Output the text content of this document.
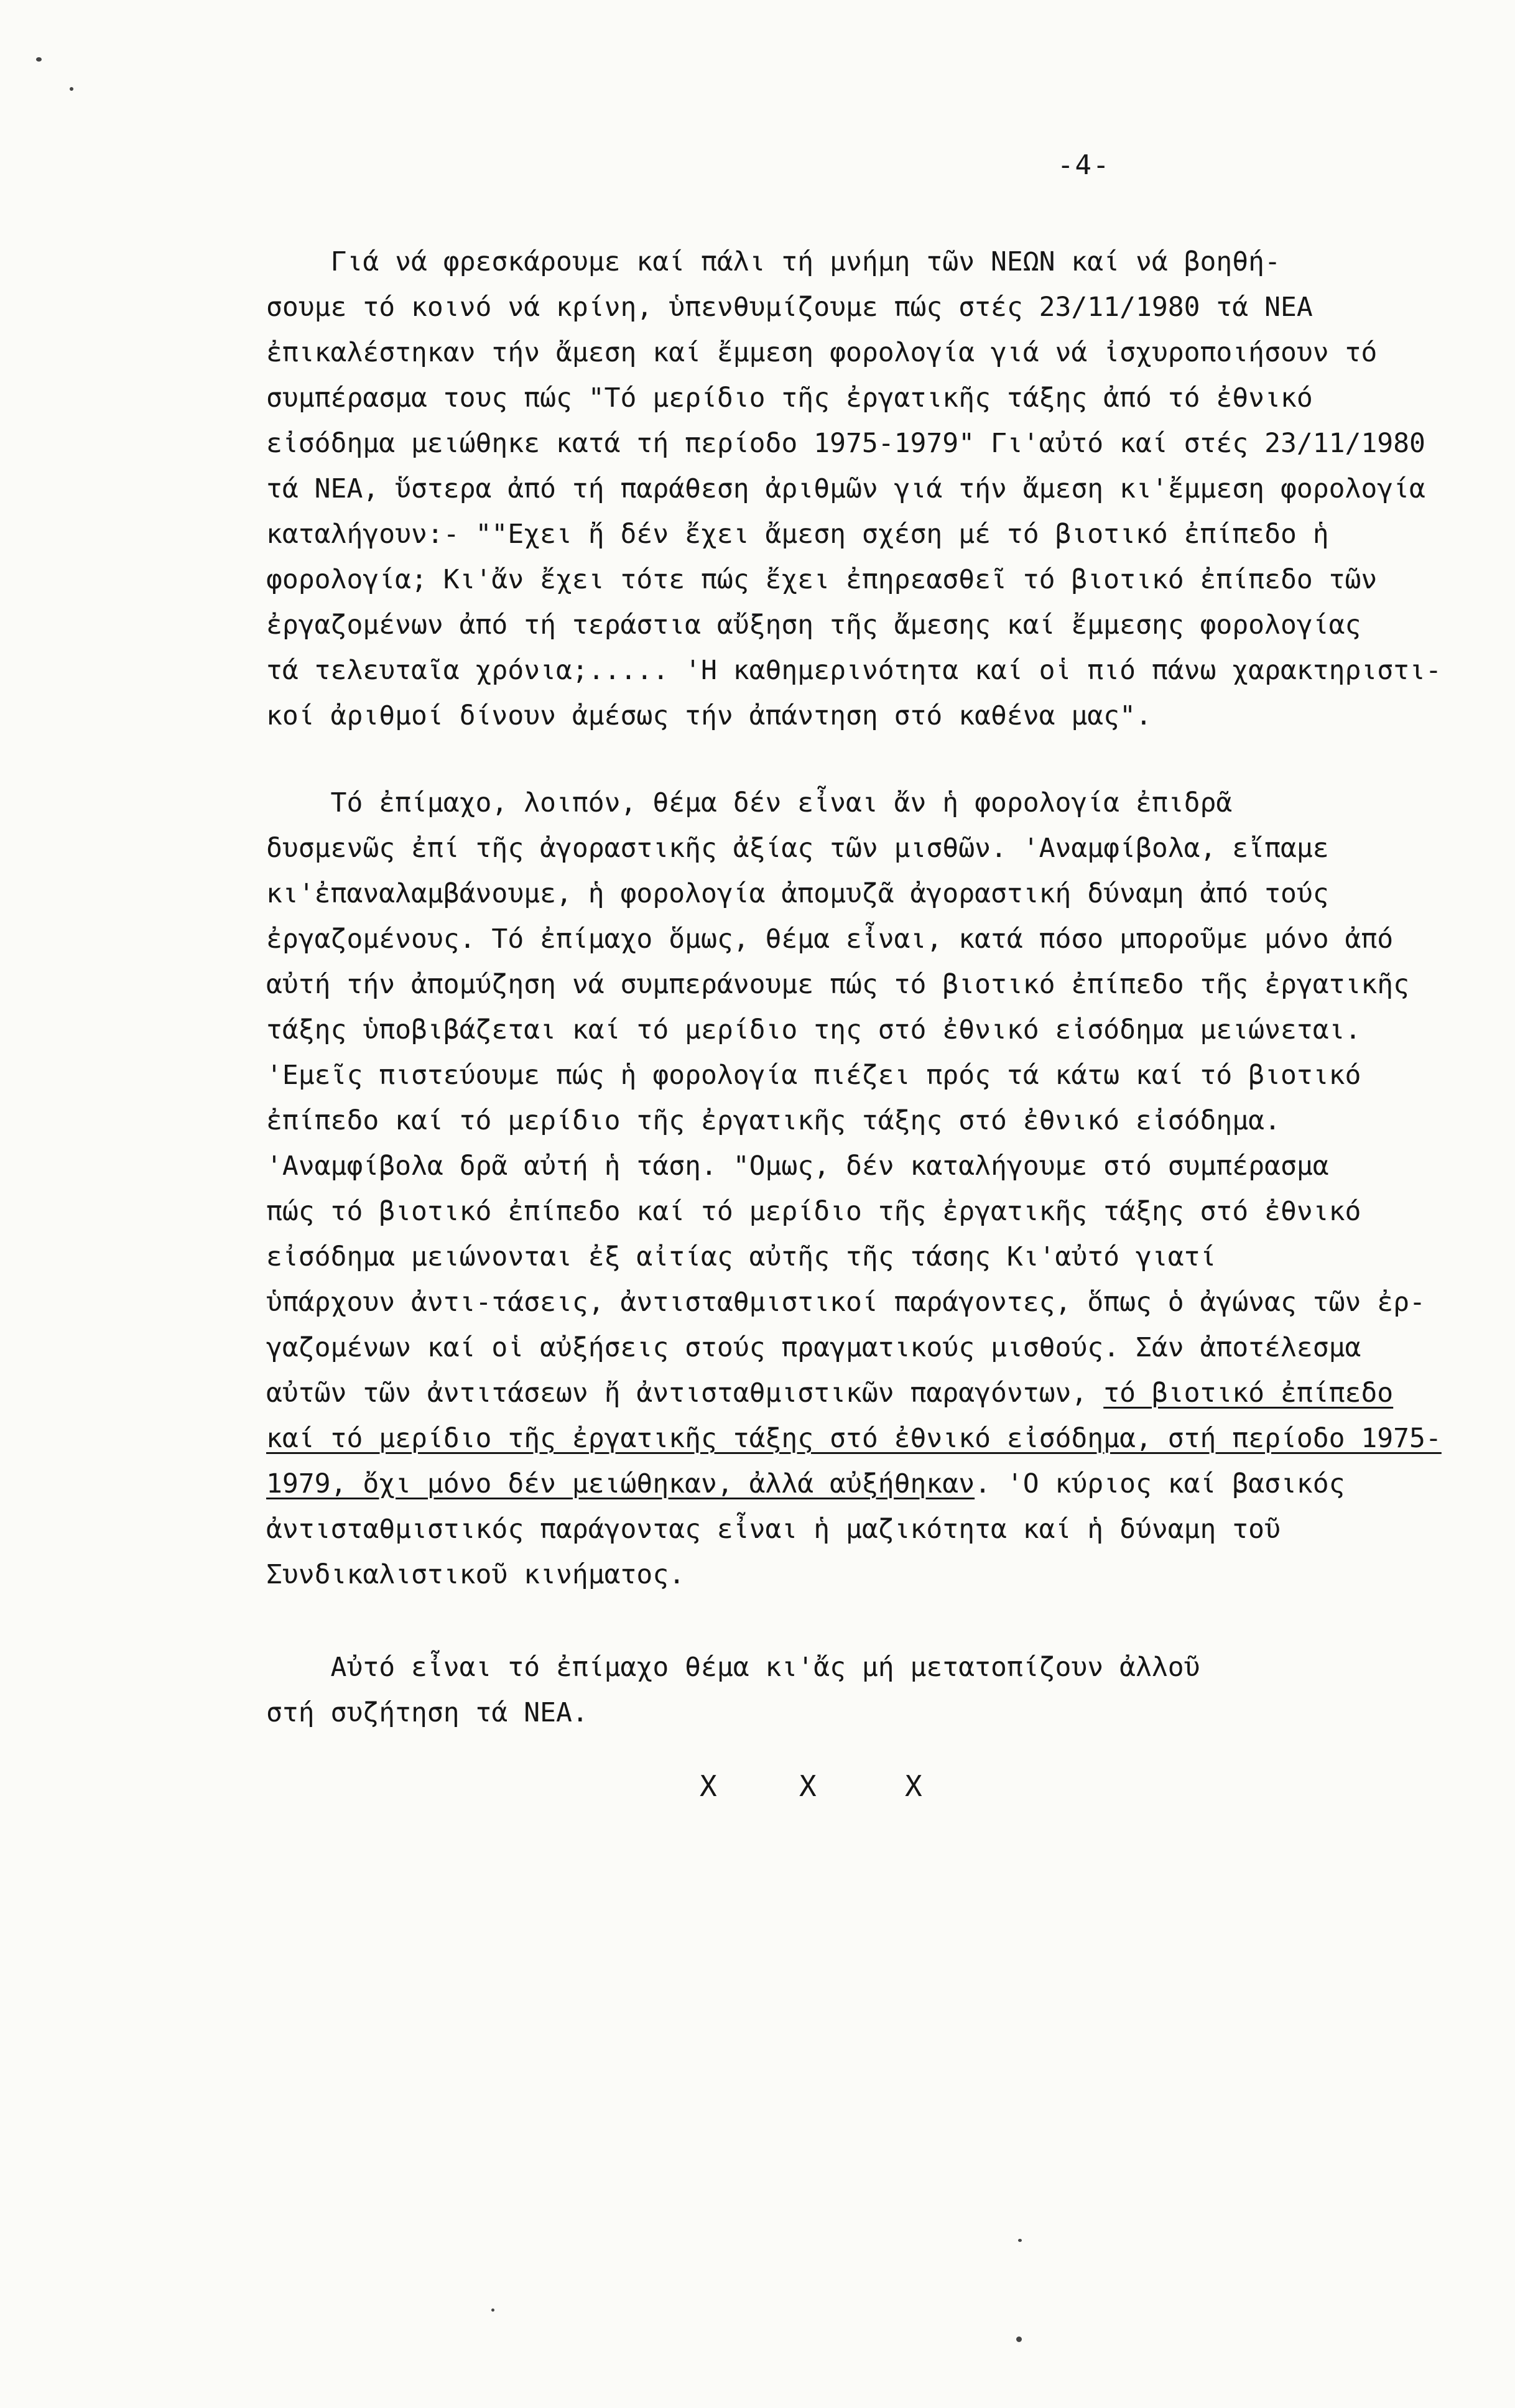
-4-
Γιά νά φρεσκάρουμε καί πάλι τή μνήμη τῶν ΝΕΩΝ καί νά βοηθή-
σουμε τό κοινό νά κρίνη, ὑπενθυμίζουμε πώς στές 23/11/1980 τά ΝΕΑ
ἐπικαλέστηκαν τήν ἄμεση καί ἔμμεση φορολογία γιά νά ἰσχυροποιήσουν τό
συμπέρασμα τους πώς "Τό μερίδιο τῆς ἐργατικῆς τάξης ἀπό τό ἐθνικό
εἰσόδημα μειώθηκε κατά τή περίοδο 1975-1979" Γι'αὐτό καί στές 23/11/1980
τά ΝΕΑ, ὕστερα ἀπό τή παράθεση ἀριθμῶν γιά τήν ἄμεση κι'ἔμμεση φορολογία
καταλήγουν:- ""Εχει ἤ δέν ἔχει ἄμεση σχέση μέ τό βιοτικό ἐπίπεδο ἡ
φορολογία; Κι'ἄν ἔχει τότε πώς ἔχει ἐπηρεασθεῖ τό βιοτικό ἐπίπεδο τῶν
ἐργαζομένων ἀπό τή τεράστια αὔξηση τῆς ἄμεσης καί ἔμμεσης φορολογίας
τά τελευταῖα χρόνια;..... 'Η καθημερινότητα καί οἱ πιό πάνω χαρακτηριστι-
κοί ἀριθμοί δίνουν ἀμέσως τήν ἀπάντηση στό καθένα μας".
Τό ἐπίμαχο, λοιπόν, θέμα δέν εἶναι ἄν ἡ φορολογία ἐπιδρᾶ
δυσμενῶς ἐπί τῆς ἀγοραστικῆς ἀξίας τῶν μισθῶν. 'Αναμφίβολα, εἴπαμε
κι'ἐπαναλαμβάνουμε, ἡ φορολογία ἀπομυζᾶ ἀγοραστική δύναμη ἀπό τούς
ἐργαζομένους. Τό ἐπίμαχο ὅμως, θέμα εἶναι, κατά πόσο μποροῦμε μόνο ἀπό
αὐτή τήν ἀπομύζηση νά συμπεράνουμε πώς τό βιοτικό ἐπίπεδο τῆς ἐργατικῆς
τάξης ὑποβιβάζεται καί τό μερίδιο της στό ἐθνικό εἰσόδημα μειώνεται.
'Εμεῖς πιστεύουμε πώς ἡ φορολογία πιέζει πρός τά κάτω καί τό βιοτικό
ἐπίπεδο καί τό μερίδιο τῆς ἐργατικῆς τάξης στό ἐθνικό εἰσόδημα.
'Αναμφίβολα δρᾶ αὐτή ἡ τάση. "Ομως, δέν καταλήγουμε στό συμπέρασμα
πώς τό βιοτικό ἐπίπεδο καί τό μερίδιο τῆς ἐργατικῆς τάξης στό ἐθνικό
εἰσόδημα μειώνονται ἐξ αἰτίας αὐτῆς τῆς τάσης Κι'αὐτό γιατί
ὑπάρχουν ἀντι-τάσεις, ἀντισταθμιστικοί παράγοντες, ὅπως ὁ ἀγώνας τῶν ἐρ-
γαζομένων καί οἱ αὐξήσεις στούς πραγματικούς μισθούς. Σάν ἀποτέλεσμα
αὐτῶν τῶν ἀντιτάσεων ἤ ἀντισταθμιστικῶν παραγόντων, τό βιοτικό ἐπίπεδο
καί τό μερίδιο τῆς ἐργατικῆς τάξης στό ἐθνικό εἰσόδημα, στή περίοδο 1975-
1979, ὄχι μόνο δέν μειώθηκαν, ἀλλά αὐξήθηκαν. 'Ο κύριος καί βασικός
ἀντισταθμιστικός παράγοντας εἶναι ἡ μαζικότητα καί ἡ δύναμη τοῦ
Συνδικαλιστικοῦ κινήματος.
Αὐτό εἶναι τό ἐπίμαχο θέμα κι'ἄς μή μετατοπίζουν ἀλλοῦ
στή συζήτηση τά ΝΕΑ.
X	X	X
